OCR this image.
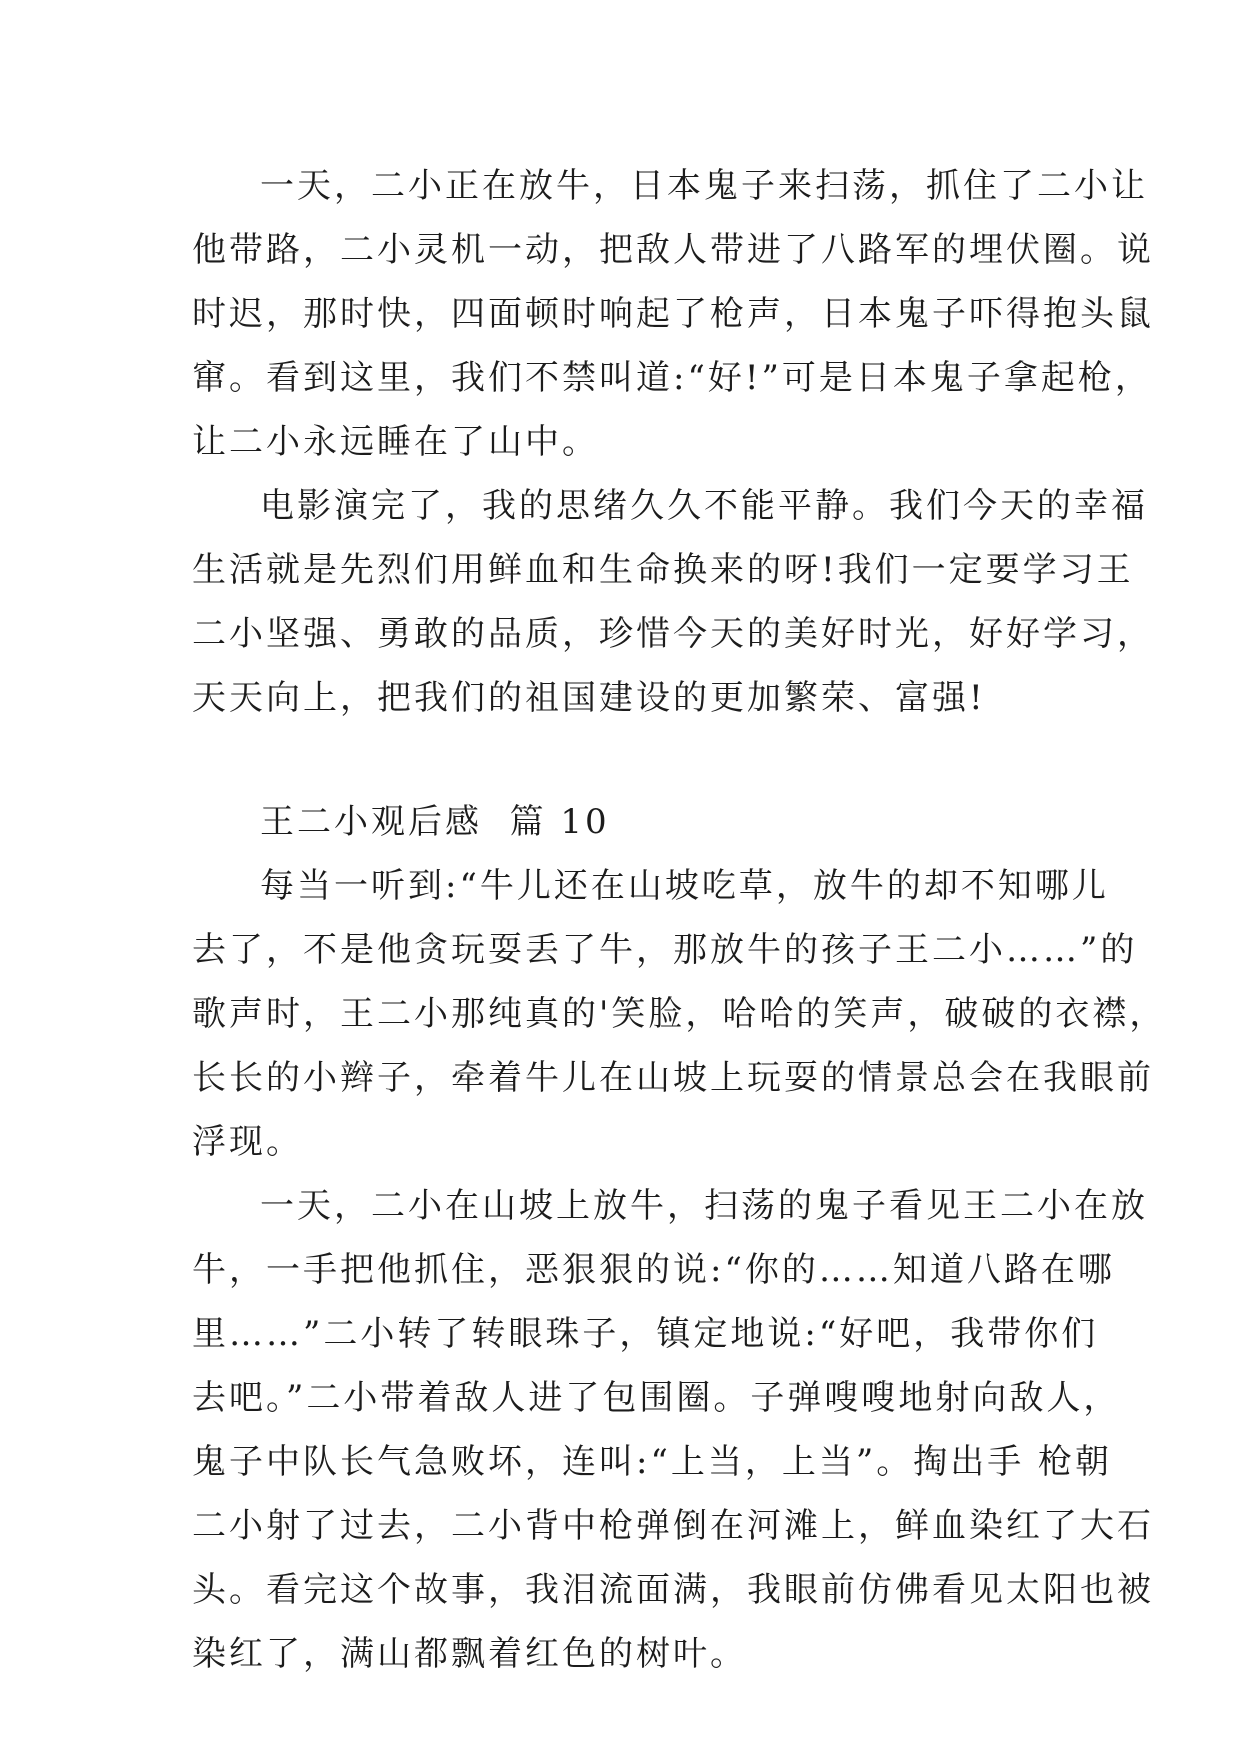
一天，二小正在放牛，日本鬼子来扫荡，抓住了二小让
他带路，二小灵机一动，把敌人带进了八路军的埋伏圈。说
时迟，那时快，四面顿时响起了枪声，日本鬼子吓得抱头鼠
窜。看到这里，我们不禁叫道:“好!”可是日本鬼子拿起枪，
让二小永远睡在了山中。
电影演完了，我的思绪久久不能平静。我们今天的幸福
生活就是先烈们用鲜血和生命换来的呀!我们一定要学习王
二小坚强、勇敢的品质，珍惜今天的美好时光，好好学习，
天天向上，把我们的祖国建设的更加繁荣、富强!
王二小观后感  篇 10
每当一听到:“牛儿还在山坡吃草，放牛的却不知哪儿
去了，不是他贪玩耍丢了牛，那放牛的孩子王二小……”的
歌声时，王二小那纯真的'笑脸，哈哈的笑声，破破的衣襟，
长长的小辫子，牵着牛儿在山坡上玩耍的情景总会在我眼前
浮现。
一天，二小在山坡上放牛，扫荡的鬼子看见王二小在放
牛，一手把他抓住，恶狠狠的说:“你的……知道八路在哪
里……”二小转了转眼珠子，镇定地说:“好吧，我带你们
去吧。”二小带着敌人进了包围圈。子弹嗖嗖地射向敌人，
鬼子中队长气急败坏，连叫:“上当，上当”。掏出手 枪朝
二小射了过去，二小背中枪弹倒在河滩上，鲜血染红了大石
头。看完这个故事，我泪流面满，我眼前仿佛看见太阳也被
染红了，满山都飘着红色的树叶。
